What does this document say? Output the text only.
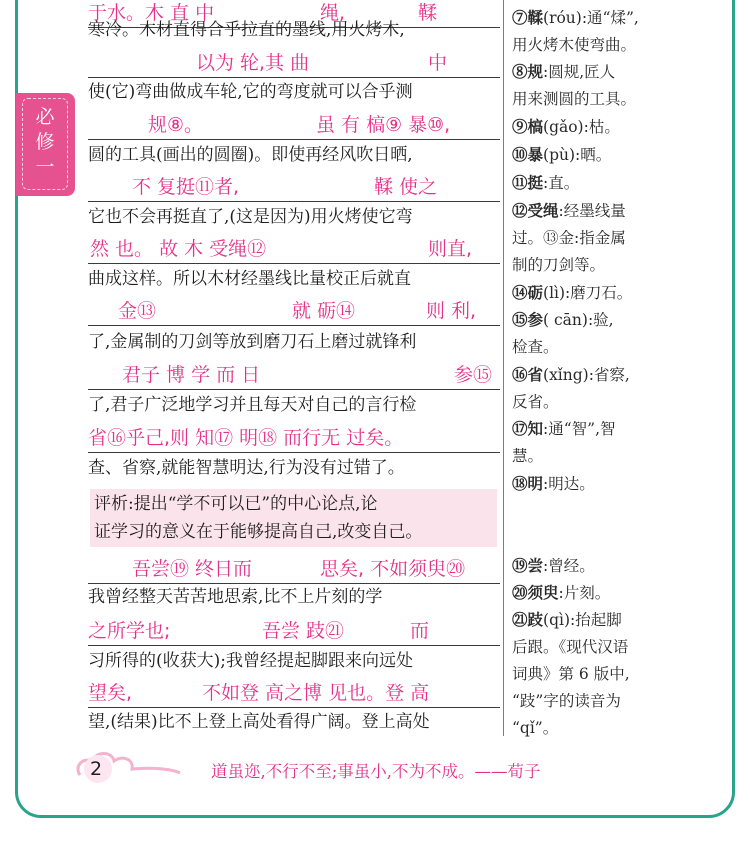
必
修
一
于水。木 直 中	绳,	鞣
寒冷。木材直得合乎拉直的墨线,用火烤木,
以为 轮,其 曲	中
使(它)弯曲做成车轮,它的弯度就可以合乎测
规⑧。	虽 有 槁⑨ 暴⑩,
圆的工具(画出的圆圈)。即使再经风吹日晒,
不 复挺⑪者,	鞣 使之
它也不会再挺直了,(这是因为)用火烤使它弯
然 也。 故 木 受绳⑫	则直,
曲成这样。所以木材经墨线比量校正后就直
金⑬	就 砺⑭	则 利,
了,金属制的刀剑等放到磨刀石上磨过就锋利
君子 博 学 而 日	参⑮
了,君子广泛地学习并且每天对自己的言行检
省⑯乎己,则 知⑰ 明⑱ 而行无 过矣。
查、省察,就能智慧明达,行为没有过错了。
吾尝⑲ 终日而	思矣, 不如须臾⑳
我曾经整天苦苦地思索,比不上片刻的学
之所学也;	吾尝 跂㉑	而
习所得的(收获大);我曾经提起脚跟来向远处
望矣,	不如登 高之博 见也。登 高
望,(结果)比不上登上高处看得广阔。登上高处
评析:提出“学不可以已”的中心论点,论
证学习的意义在于能够提高自己,改变自己。
⑦鞣(róu):通“煣”,
用火烤木使弯曲。
⑧规:圆规,匠人
用来测圆的工具。
⑨槁(gǎo):枯。
⑩暴(pù):晒。
⑪挺:直。
⑫受绳:经墨线量
过。⑬金:指金属
制的刀剑等。
⑭砺(lì):磨刀石。
⑮参( cān):验,
检查。
⑯省(xǐng):省察,
反省。
⑰知:通“智”,智
慧。
⑱明:明达。
⑲尝:曾经。
⑳须臾:片刻。
㉑跂(qì):抬起脚
后跟。《现代汉语
词典》第 6 版中,
“跂”字的读音为
“qǐ”。
2	道虽迩,不行不至;事虽小,不为不成。——荀子
